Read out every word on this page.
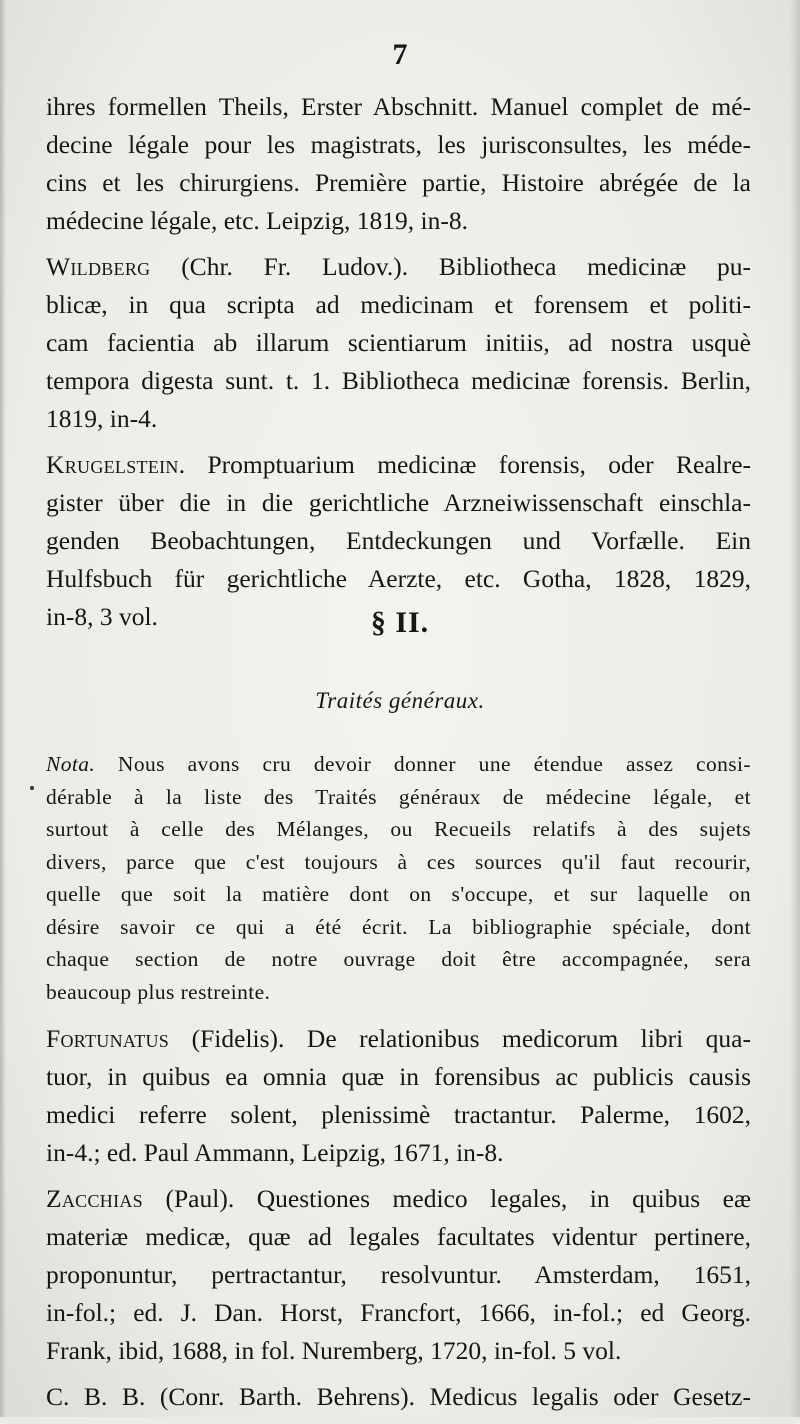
7
ihres formellen Theils, Erster Abschnitt. Manuel complet de mé-
decine légale pour les magistrats, les jurisconsultes, les méde-
cins et les chirurgiens. Première partie, Histoire abrégée de la
médecine légale, etc. Leipzig, 1819, in-8.
Wildberg (Chr. Fr. Ludov.). Bibliotheca medicinæ pu-
blicæ, in qua scripta ad medicinam et forensem et politi-
cam facientia ab illarum scientiarum initiis, ad nostra usquè
tempora digesta sunt. t. 1. Bibliotheca medicinæ forensis. Berlin,
1819, in-4.
Krugelstein. Promptuarium medicinæ forensis, oder Realre-
gister über die in die gerichtliche Arzneiwissenschaft einschla-
genden Beobachtungen, Entdeckungen und Vorfælle. Ein
Hulfsbuch für gerichtliche Aerzte, etc. Gotha, 1828, 1829,
in-8, 3 vol.	§ II.
Traités généraux.
Nota. Nous avons cru devoir donner une étendue assez consi-
dérable à la liste des Traités généraux de médecine légale, et
surtout à celle des Mélanges, ou Recueils relatifs à des sujets
divers, parce que c'est toujours à ces sources qu'il faut recourir,
quelle que soit la matière dont on s'occupe, et sur laquelle on
désire savoir ce qui a été écrit. La bibliographie spéciale, dont
chaque section de notre ouvrage doit être accompagnée, sera
beaucoup plus restreinte.
Fortunatus (Fidelis). De relationibus medicorum libri qua-
tuor, in quibus ea omnia quæ in forensibus ac publicis causis
medici referre solent, plenissimè tractantur. Palerme, 1602,
in-4.; ed. Paul Ammann, Leipzig, 1671, in-8.
Zacchias (Paul). Questiones medico legales, in quibus eæ
materiæ medicæ, quæ ad legales facultates videntur pertinere,
proponuntur, pertractantur, resolvuntur. Amsterdam, 1651,
in-fol.; ed. J. Dan. Horst, Francfort, 1666, in-fol.; ed Georg.
Frank, ibid, 1688, in fol. Nuremberg, 1720, in-fol. 5 vol.
C. B. B. (Conr. Barth. Behrens). Medicus legalis oder Gesetz-
